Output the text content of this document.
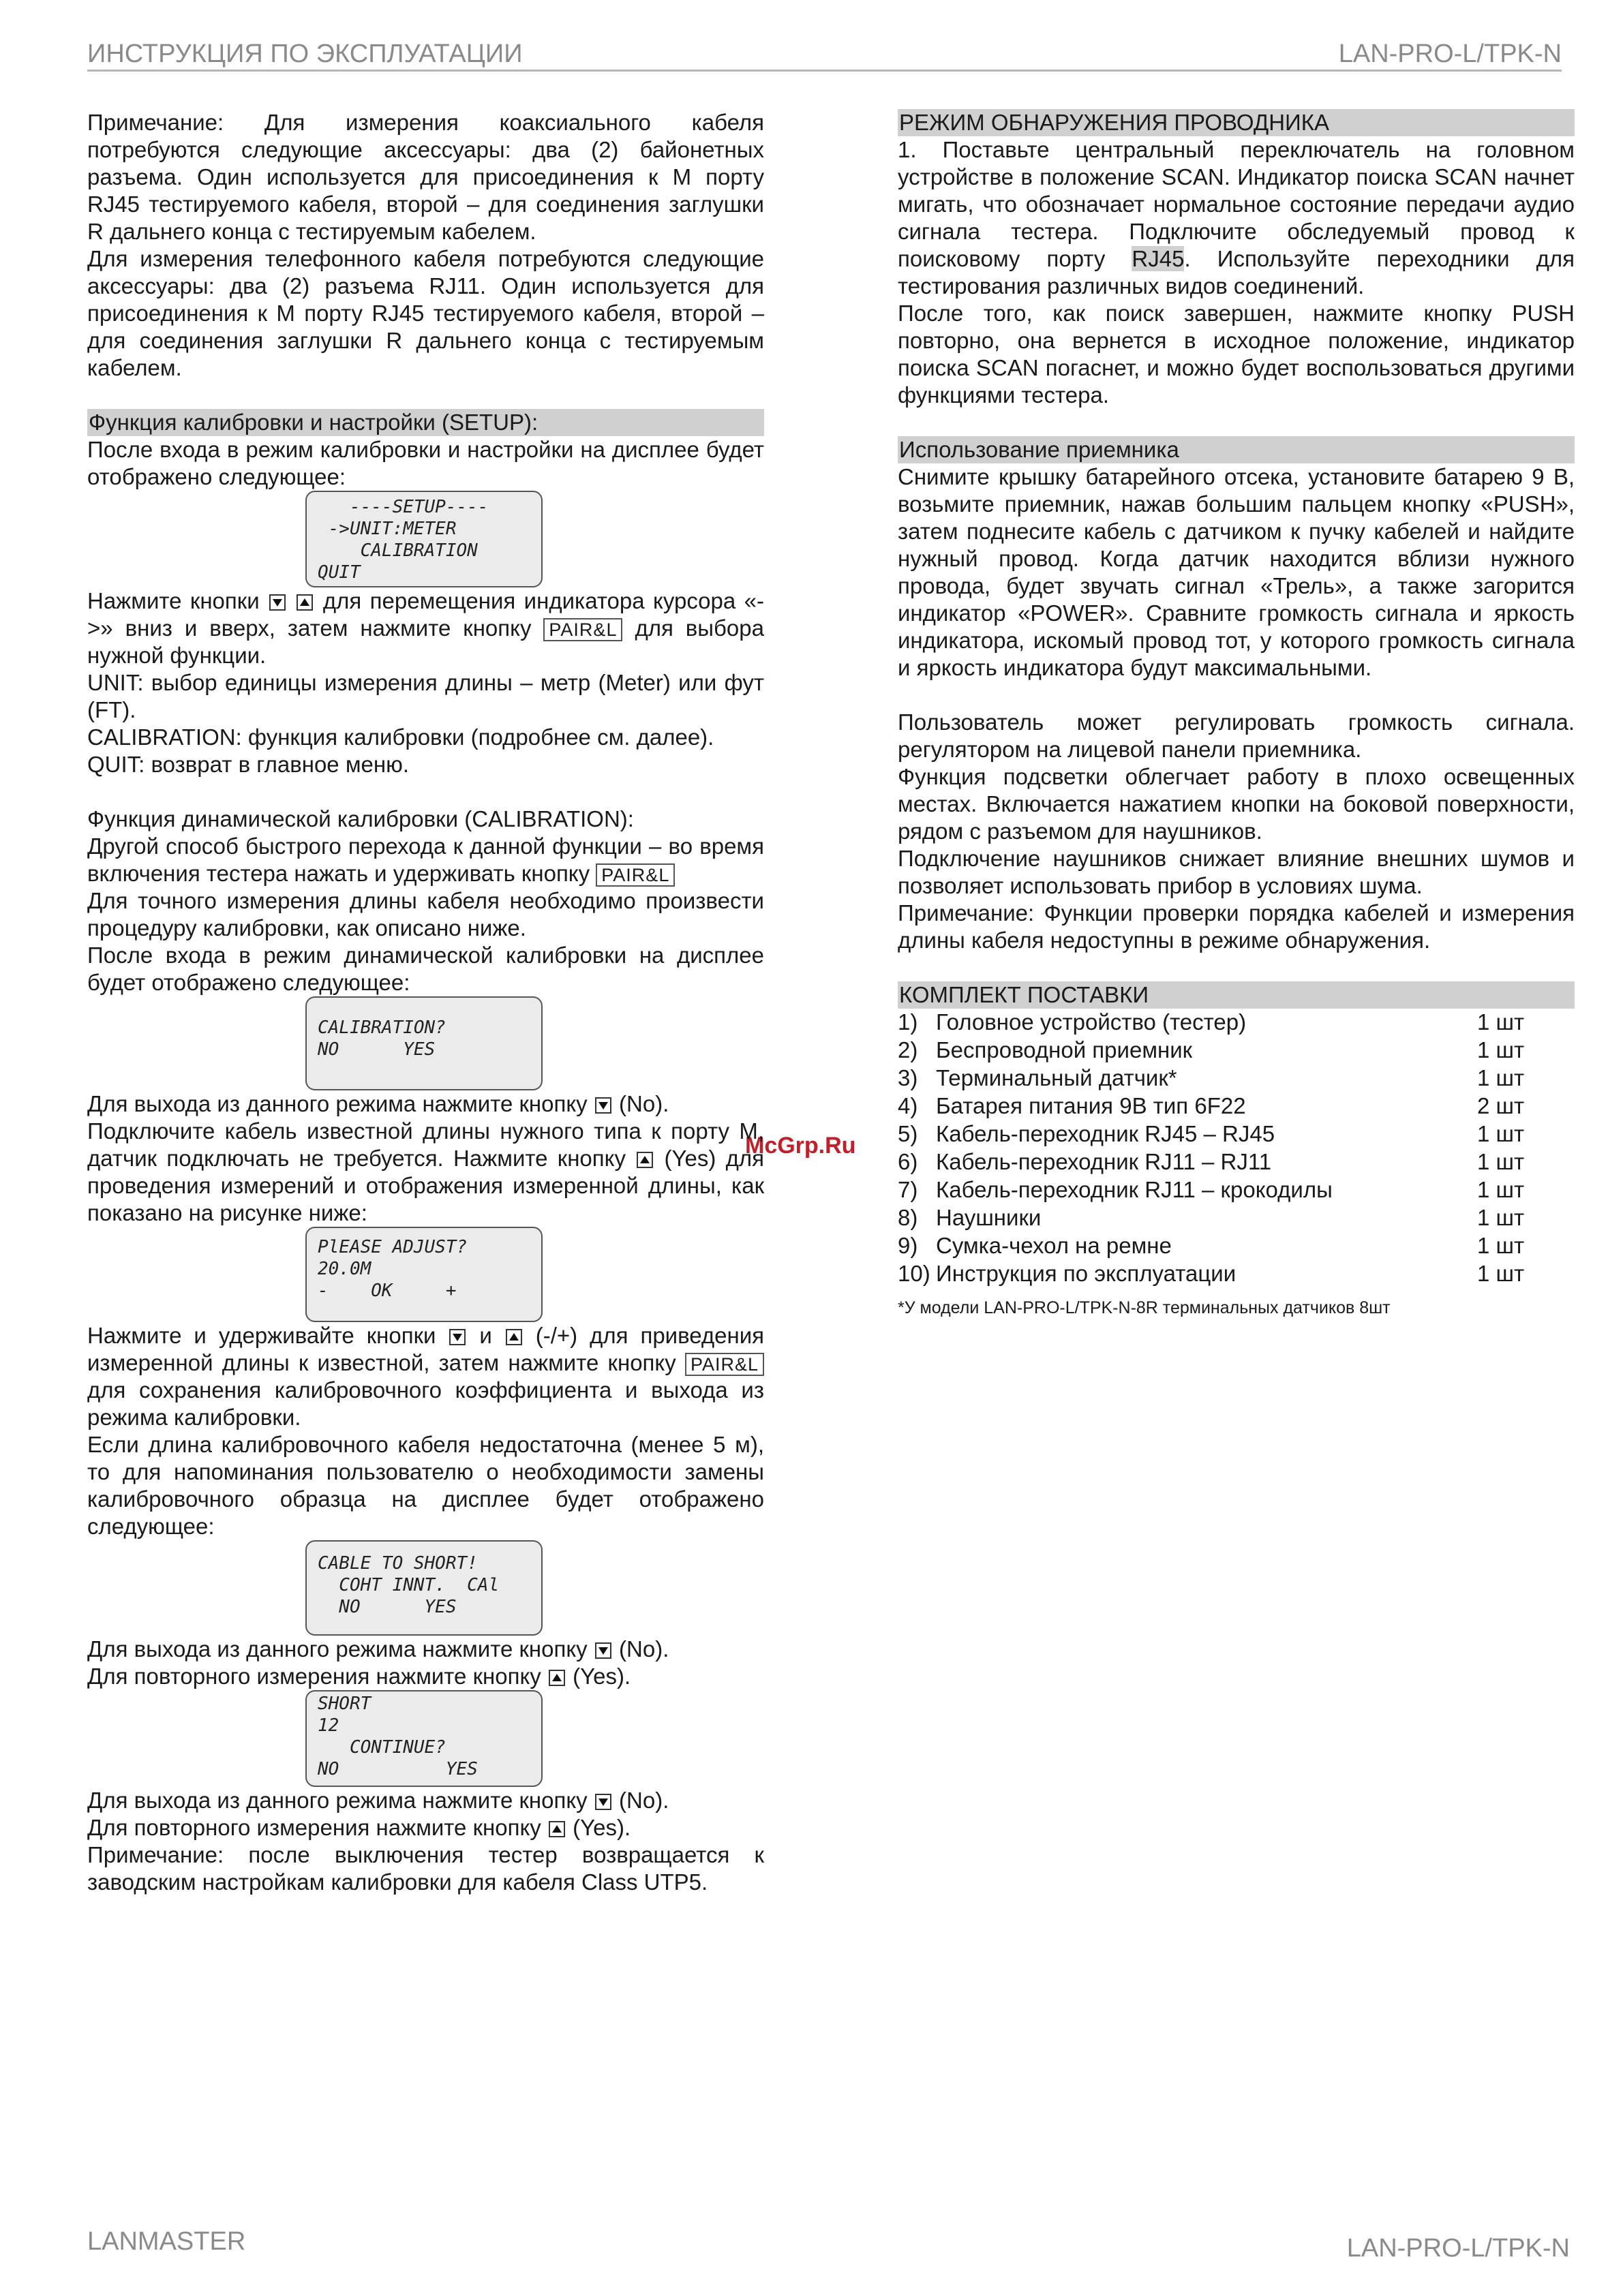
ИНСТРУКЦИЯ ПО ЭКСПЛУАТАЦИИ	LAN-PRO-L/TPK-N
McGrp.Ru

Примечание: Для измерения коаксиального кабеля потребуются следующие аксессуары: два (2) байонетных разъема. Один используется для присоединения к M порту RJ45 тестируемого кабеля, второй – для соединения заглушки R дальнего конца с тестируемым кабелем.

Для измерения телефонного кабеля потребуются следующие аксессуары: два (2) разъема RJ11. Один используется для присоединения к M порту RJ45 тестируемого кабеля, второй – для соединения заглушки R дальнего конца с тестируемым кабелем.

Функция калибровки и настройки (SETUP):

После входа в режим калибровки и настройки на дисплее будет отображено следующее:

----SETUP----
->UNIT:METER
CALIBRATION
QUIT

Нажмите кнопки	для перемещения индикатора курсора «->» вниз и вверх, затем нажмите кнопку PAIR&L для выбора нужной функции.

UNIT: выбор единицы измерения длины – метр (Meter) или фут (FT).

CALIBRATION: функция калибровки (подробнее см. далее).

QUIT: возврат в главное меню.

Функция динамической калибровки (CALIBRATION):

Другой способ быстрого перехода к данной функции – во время включения тестера нажать и удерживать кнопку PAIR&L

Для точного измерения длины кабеля необходимо произвести процедуру калибровки, как описано ниже.

После входа в режим динамической калибровки на дисплее будет отображено следующее:

CALIBRATION?
NO      YES

Для выхода из данного режима нажмите кнопку (No).

Подключите кабель известной длины нужного типа к порту M, датчик подключать не требуется. Нажмите кнопку (Yes) для проведения измерений и отображения измеренной длины, как показано на рисунке ниже:

PlEASE ADJUST?
20.0M
-    OK     +

Нажмите и удерживайте кнопки и (-/+) для приведения измеренной длины к известной, затем нажмите кнопку PAIR&L для сохранения калибровочного коэффициента и выхода из режима калибровки.

Если длина калибровочного кабеля недостаточна (менее 5 м), то для напоминания пользователю о необходимости замены калибровочного образца на дисплее будет отображено следующее:

CABLE TO SHORT!
COHT INNT.  CAl
NO      YES

Для выхода из данного режима нажмите кнопку (No).

Для повторного измерения нажмите кнопку (Yes).

SHORT
12
CONTINUE?
NO          YES

Для выхода из данного режима нажмите кнопку (No).

Для повторного измерения нажмите кнопку (Yes).

Примечание: после выключения тестер возвращается к заводским настройкам калибровки для кабеля Class UTP5.

РЕЖИМ ОБНАРУЖЕНИЯ ПРОВОДНИКА

1. Поставьте центральный переключатель на головном устройстве в положение SCAN. Индикатор поиска SCAN начнет мигать, что обозначает нормальное состояние передачи аудио сигнала тестера. Подключите обследуемый провод к поисковому порту RJ45. Используйте переходники для тестирования различных видов соединений.

После того, как поиск завершен, нажмите кнопку PUSH повторно, она вернется в исходное положение, индикатор поиска SCAN погаснет, и можно будет воспользоваться другими функциями тестера.

Использование приемника

Снимите крышку батарейного отсека, установите батарею 9 В, возьмите приемник, нажав большим пальцем кнопку «PUSH», затем поднесите кабель с датчиком к пучку кабелей и найдите нужный провод. Когда датчик находится вблизи нужного провода, будет звучать сигнал «Трель», а также загорится индикатор «POWER». Сравните громкость сигнала и яркость индикатора, искомый провод тот, у которого громкость сигнала и яркость индикатора будут максимальными.

Пользователь может регулировать громкость сигнала. регулятором на лицевой панели приемника.

Функция подсветки облегчает работу в плохо освещенных местах. Включается нажатием кнопки на боковой поверхности, рядом с разъемом для наушников.

Подключение наушников снижает влияние внешних шумов и позволяет использовать прибор в условиях шума.

Примечание: Функции проверки порядка кабелей и измерения длины кабеля недоступны в режиме обнаружения.

КОМПЛЕКТ ПОСТАВКИ

1) Головное устройство (тестер)	1 шт
2) Беспроводной приемник	1 шт
3) Терминальный датчик*	1 шт
4) Батарея питания 9В тип 6F22	2 шт
5) Кабель-переходник RJ45 – RJ45	1 шт
6) Кабель-переходник RJ11 – RJ11	1 шт
7) Кабель-переходник RJ11 – крокодилы	1 шт
8) Наушники	1 шт
9) Сумка-чехол на ремне	1 шт
10) Инструкция по эксплуатации	1 шт

*У модели LAN-PRO-L/TPK-N-8R терминальных датчиков 8шт

LANMASTER	LAN-PRO-L/TPK-N
